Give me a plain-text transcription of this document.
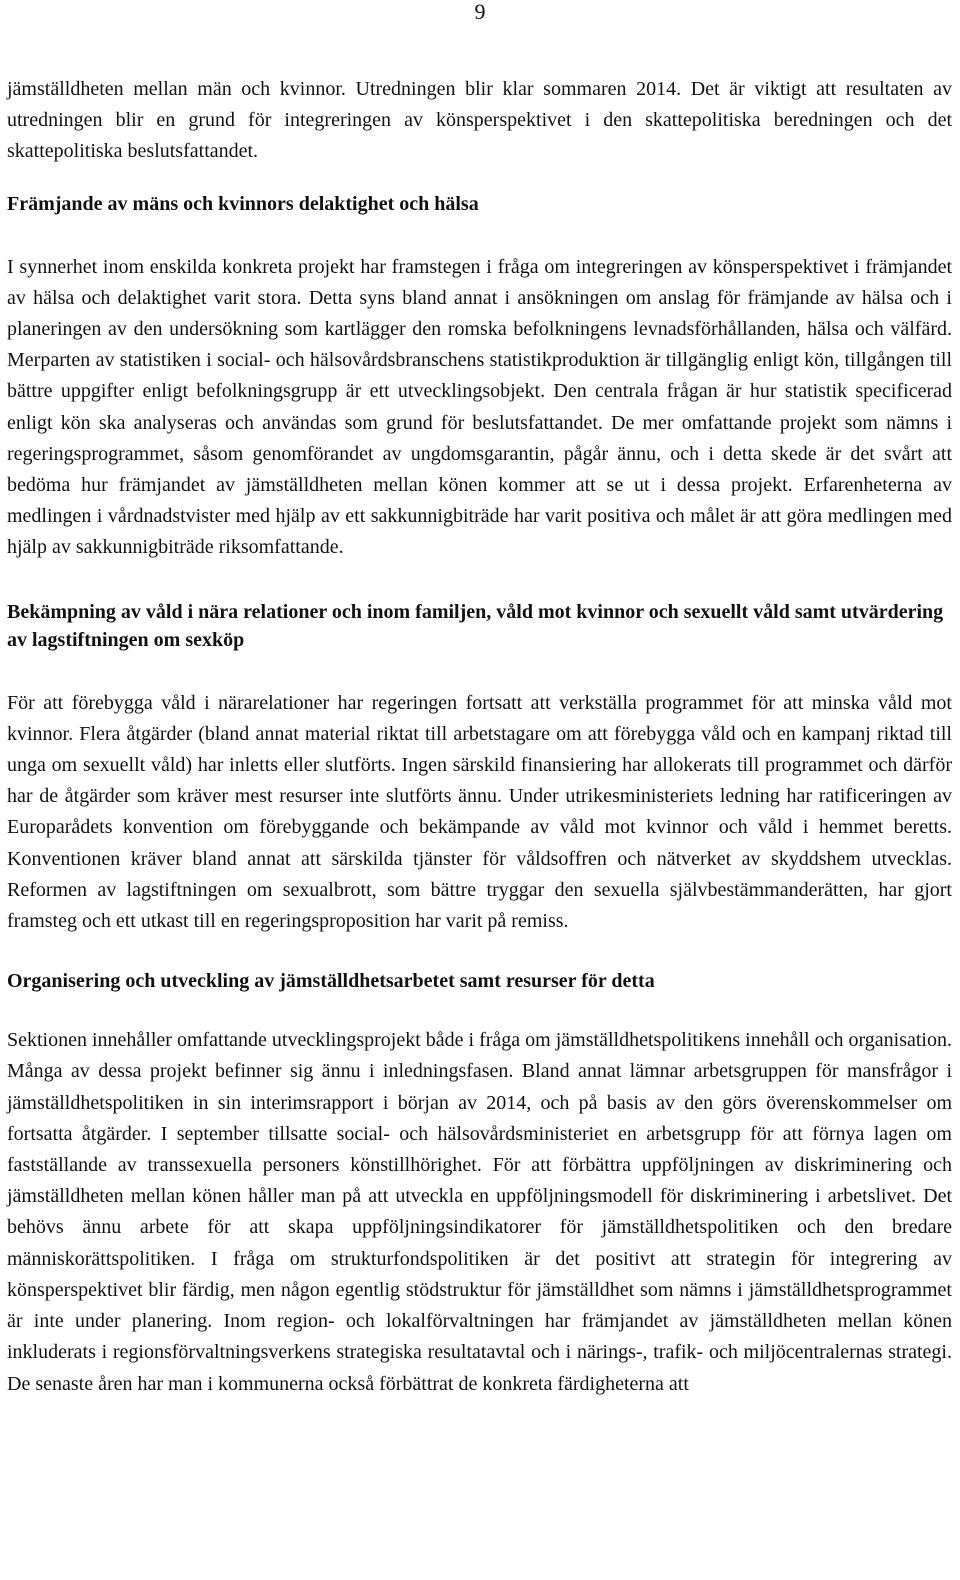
9

jämställdheten mellan män och kvinnor. Utredningen blir klar sommaren 2014. Det är viktigt att resultaten av utredningen blir en grund för integreringen av könsperspektivet i den skattepolitiska beredningen och det skattepolitiska beslutsfattandet.

Främjande av mäns och kvinnors delaktighet och hälsa

I synnerhet inom enskilda konkreta projekt har framstegen i fråga om integreringen av könsperspektivet i främjandet av hälsa och delaktighet varit stora. Detta syns bland annat i ansökningen om anslag för främjande av hälsa och i planeringen av den undersökning som kartlägger den romska befolkningens levnadsförhållanden, hälsa och välfärd. Merparten av statistiken i social- och hälsovårdsbranschens statistikproduktion är tillgänglig enligt kön, tillgången till bättre uppgifter enligt befolkningsgrupp är ett utvecklingsobjekt. Den centrala frågan är hur statistik specificerad enligt kön ska analyseras och användas som grund för beslutsfattandet. De mer omfattande projekt som nämns i regeringsprogrammet, såsom genomförandet av ungdomsgarantin, pågår ännu, och i detta skede är det svårt att bedöma hur främjandet av jämställdheten mellan könen kommer att se ut i dessa projekt. Erfarenheterna av medlingen i vårdnadstvister med hjälp av ett sakkunnigbiträde har varit positiva och målet är att göra medlingen med hjälp av sakkunnigbiträde riksomfattande.

Bekämpning av våld i nära relationer och inom familjen, våld mot kvinnor och sexuellt våld samt utvärdering av lagstiftningen om sexköp

För att förebygga våld i närarelationer har regeringen fortsatt att verkställa programmet för att minska våld mot kvinnor. Flera åtgärder (bland annat material riktat till arbetstagare om att förebygga våld och en kampanj riktad till unga om sexuellt våld) har inletts eller slutförts. Ingen särskild finansiering har allokerats till programmet och därför har de åtgärder som kräver mest resurser inte slutförts ännu. Under utrikesministeriets ledning har ratificeringen av Europarådets konvention om förebyggande och bekämpande av våld mot kvinnor och våld i hemmet beretts. Konventionen kräver bland annat att särskilda tjänster för våldsoffren och nätverket av skyddshem utvecklas. Reformen av lagstiftningen om sexualbrott, som bättre tryggar den sexuella självbestämmanderätten, har gjort framsteg och ett utkast till en regeringsproposition har varit på remiss.

Organisering och utveckling av jämställdhetsarbetet samt resurser för detta

Sektionen innehåller omfattande utvecklingsprojekt både i fråga om jämställdhetspolitikens innehåll och organisation. Många av dessa projekt befinner sig ännu i inledningsfasen. Bland annat lämnar arbetsgruppen för mansfrågor i jämställdhetspolitiken in sin interimsrapport i början av 2014, och på basis av den görs överenskommelser om fortsatta åtgärder. I september tillsatte social- och hälsovårdsministeriet en arbetsgrupp för att förnya lagen om fastställande av transsexuella personers könstillhörighet. För att förbättra uppföljningen av diskriminering och jämställdheten mellan könen håller man på att utveckla en uppföljningsmodell för diskriminering i arbetslivet. Det behövs ännu arbete för att skapa uppföljningsindikatorer för jämställdhetspolitiken och den bredare människorättspolitiken. I fråga om strukturfondspolitiken är det positivt att strategin för integrering av könsperspektivet blir färdig, men någon egentlig stödstruktur för jämställdhet som nämns i jämställdhetsprogrammet är inte under planering. Inom region- och lokalförvaltningen har främjandet av jämställdheten mellan könen inkluderats i regionsförvaltningsverkens strategiska resultatavtal och i närings-, trafik- och miljöcentralernas strategi. De senaste åren har man i kommunerna också förbättrat de konkreta färdigheterna att
